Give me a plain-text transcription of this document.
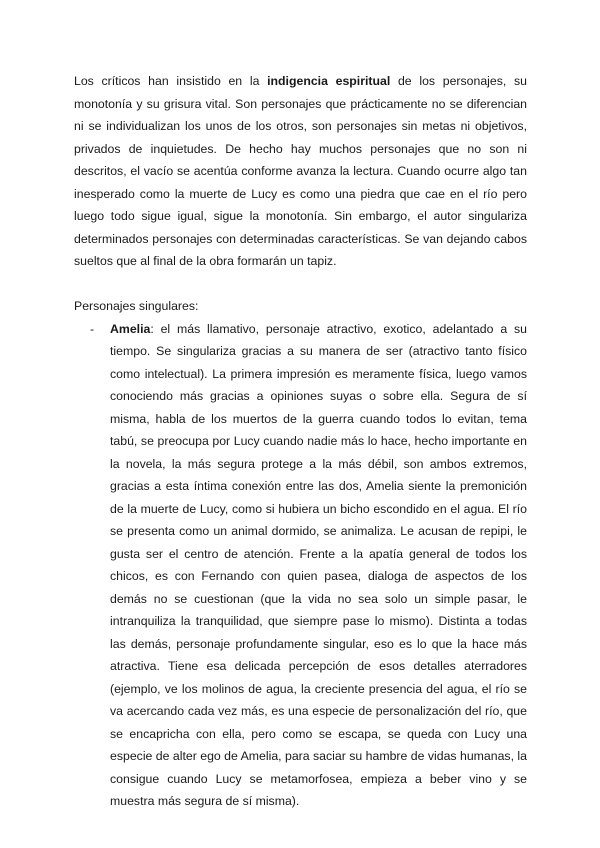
Los críticos han insistido en la indigencia espiritual de los personajes, su monotonía y su grisura vital. Son personajes que prácticamente no se diferencian ni se individualizan los unos de los otros, son personajes sin metas ni objetivos, privados de inquietudes. De hecho hay muchos personajes que no son ni descritos, el vacío se acentúa conforme avanza la lectura. Cuando ocurre algo tan inesperado como la muerte de Lucy es como una piedra que cae en el río pero luego todo sigue igual, sigue la monotonía. Sin embargo, el autor singulariza determinados personajes con determinadas características. Se van dejando cabos sueltos que al final de la obra formarán un tapiz.

Personajes singulares:

- Amelia: el más llamativo, personaje atractivo, exotico, adelantado a su tiempo. Se singulariza gracias a su manera de ser (atractivo tanto físico como intelectual). La primera impresión es meramente física, luego vamos conociendo más gracias a opiniones suyas o sobre ella. Segura de sí misma, habla de los muertos de la guerra cuando todos lo evitan, tema tabú, se preocupa por Lucy cuando nadie más lo hace, hecho importante en la novela, la más segura protege a la más débil, son ambos extremos, gracias a esta íntima conexión entre las dos, Amelia siente la premonición de la muerte de Lucy, como si hubiera un bicho escondido en el agua. El río se presenta como un animal dormido, se animaliza. Le acusan de repipi, le gusta ser el centro de atención. Frente a la apatía general de todos los chicos, es con Fernando con quien pasea, dialoga de aspectos de los demás no se cuestionan (que la vida no sea solo un simple pasar, le intranquiliza la tranquilidad, que siempre pase lo mismo). Distinta a todas las demás, personaje profundamente singular, eso es lo que la hace más atractiva. Tiene esa delicada percepción de esos detalles aterradores (ejemplo, ve los molinos de agua, la creciente presencia del agua, el río se va acercando cada vez más, es una especie de personalización del río, que se encapricha con ella, pero como se escapa, se queda con Lucy una especie de alter ego de Amelia, para saciar su hambre de vidas humanas, la consigue cuando Lucy se metamorfosea, empieza a beber vino y se muestra más segura de sí misma).
